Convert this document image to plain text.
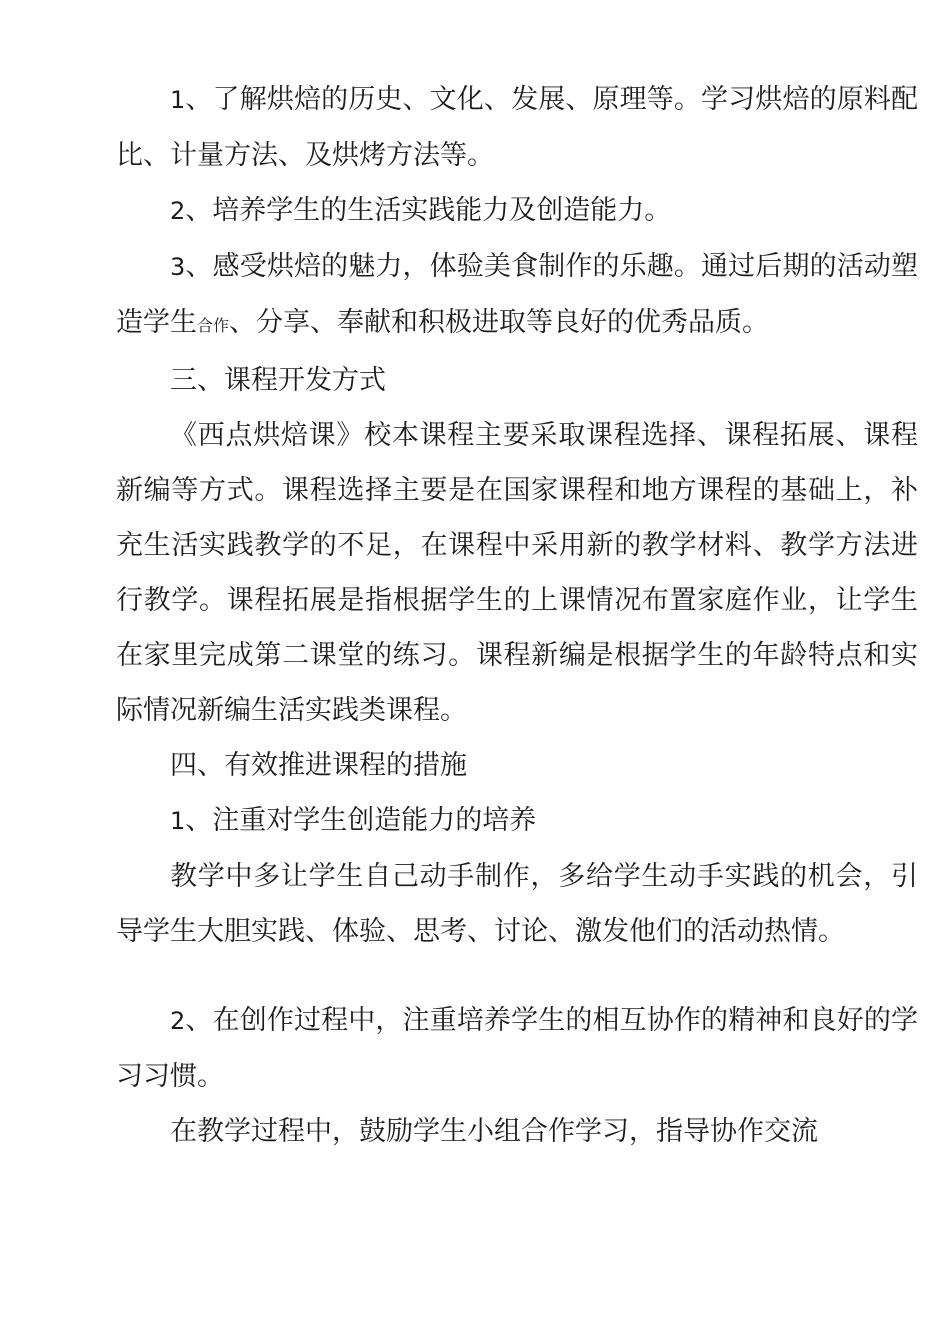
1、了解烘焙的历史、文化、发展、原理等。学习烘焙的原料配比、计量方法、及烘烤方法等。

2、培养学生的生活实践能力及创造能力。

3、感受烘焙的魅力，体验美食制作的乐趣。通过后期的活动塑造学生合作、分享、奉献和积极进取等良好的优秀品质。

三、课程开发方式

《西点烘焙课》校本课程主要采取课程选择、课程拓展、课程新编等方式。课程选择主要是在国家课程和地方课程的基础上，补充生活实践教学的不足，在课程中采用新的教学材料、教学方法进行教学。课程拓展是指根据学生的上课情况布置家庭作业，让学生在家里完成第二课堂的练习。课程新编是根据学生的年龄特点和实际情况新编生活实践类课程。

四、有效推进课程的措施

1、注重对学生创造能力的培养

教学中多让学生自己动手制作，多给学生动手实践的机会，引导学生大胆实践、体验、思考、讨论、激发他们的活动热情。

2、在创作过程中，注重培养学生的相互协作的精神和良好的学习习惯。

在教学过程中，鼓励学生小组合作学习，指导协作交流
